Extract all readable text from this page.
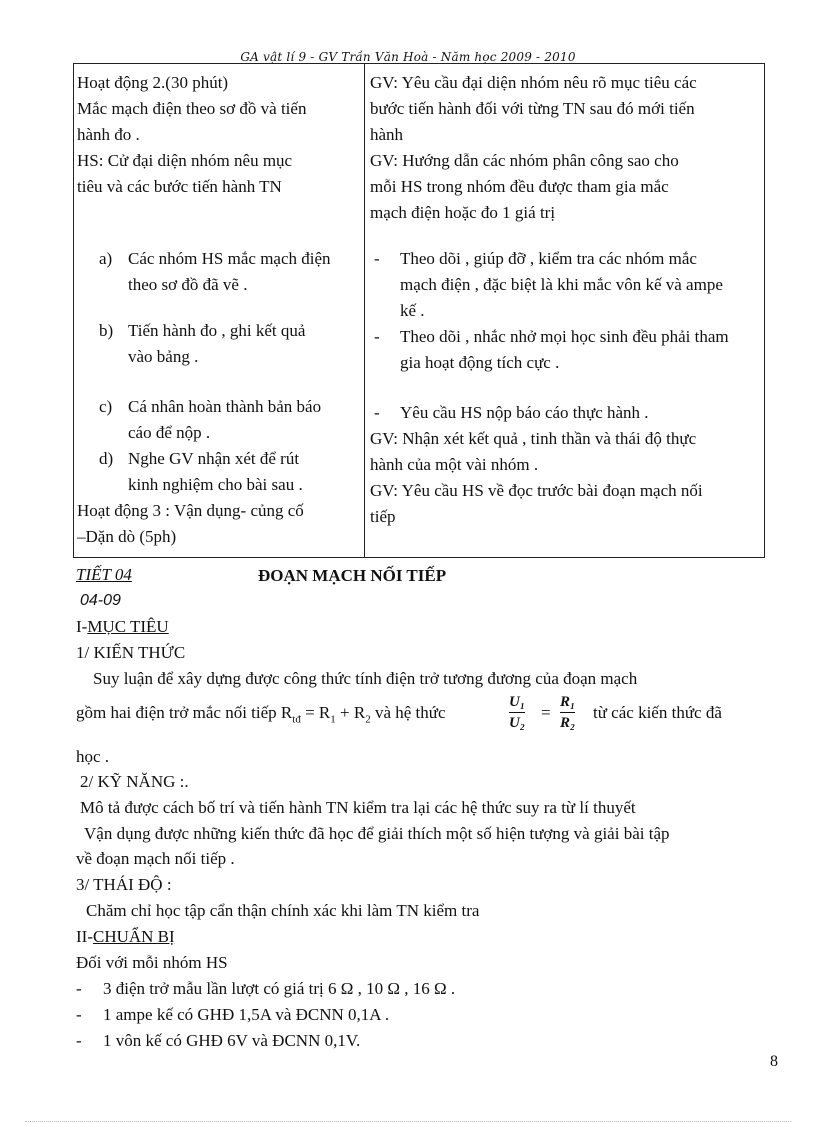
GA vật lí 9 - GV Trần Văn Hoà - Năm học 2009 - 2010

Hoạt động 2.(30 phút)

Mắc mạch điện theo sơ đồ và tiến

hành đo .

HS: Cử đại diện nhóm nêu mục

tiêu và các bước tiến hành TN

a) Các nhóm HS mắc mạch điện

theo sơ đồ đã vẽ .

b) Tiến hành đo , ghi kết quả

vào bảng .

c) Cá nhân hoàn thành bản báo

cáo để nộp .

d) Nghe GV nhận xét để rút

kinh nghiệm cho bài sau .

Hoạt động 3 : Vận dụng- củng cố

–Dặn dò (5ph)

GV: Yêu cầu đại diện nhóm nêu rõ mục tiêu các

bước tiến hành đối với từng TN sau đó mới tiến

hành

GV: Hướng dẫn các nhóm phân công sao cho

mỗi HS trong nhóm đều được tham gia mắc

mạch điện hoặc đo 1 giá trị

- Theo dõi , giúp đỡ , kiểm tra các nhóm mắc

mạch điện , đặc biệt là khi mắc vôn kế và ampe

kế .

- Theo dõi , nhắc nhở mọi học sinh đều phải tham

gia hoạt động tích cực .

- Yêu cầu HS nộp báo cáo thực hành .

GV: Nhận xét kết quả , tinh thần và thái độ thực

hành của một vài nhóm .

GV: Yêu cầu HS về đọc trước bài đoạn mạch nối

tiếp

TIẾT 04	ĐOẠN MẠCH NỐI TIẾP
04-09
I-MỤC TIÊU
1/ KIẾN THỨC
Suy luận để xây dựng được công thức tính điện trở tương đương của đoạn mạch
gồm hai điện trở mắc nối tiếp $R_{tđ} = R_1 + R_2$ và hệ thức
U₁
U₂
=
R₁
R₂
từ các kiến thức đã
học .
2/ KỸ NĂNG :.
Mô tả được cách bố trí và tiến hành TN kiểm tra lại các hệ thức suy ra từ lí thuyết
Vận dụng được những kiến thức đã học để giải thích một số hiện tượng và giải bài tập
về đoạn mạch nối tiếp .
3/ THÁI ĐỘ :
Chăm chỉ học tập cẩn thận chính xác khi làm TN kiểm tra
II-CHUẨN BỊ
Đối với mỗi nhóm HS
- 3 điện trở mẫu lần lượt có giá trị 6 Ω , 10 Ω , 16 Ω .
- 1 ampe kế có GHĐ 1,5A và ĐCNN 0,1A .
- 1 vôn kế có GHĐ 6V và ĐCNN 0,1V.
8
